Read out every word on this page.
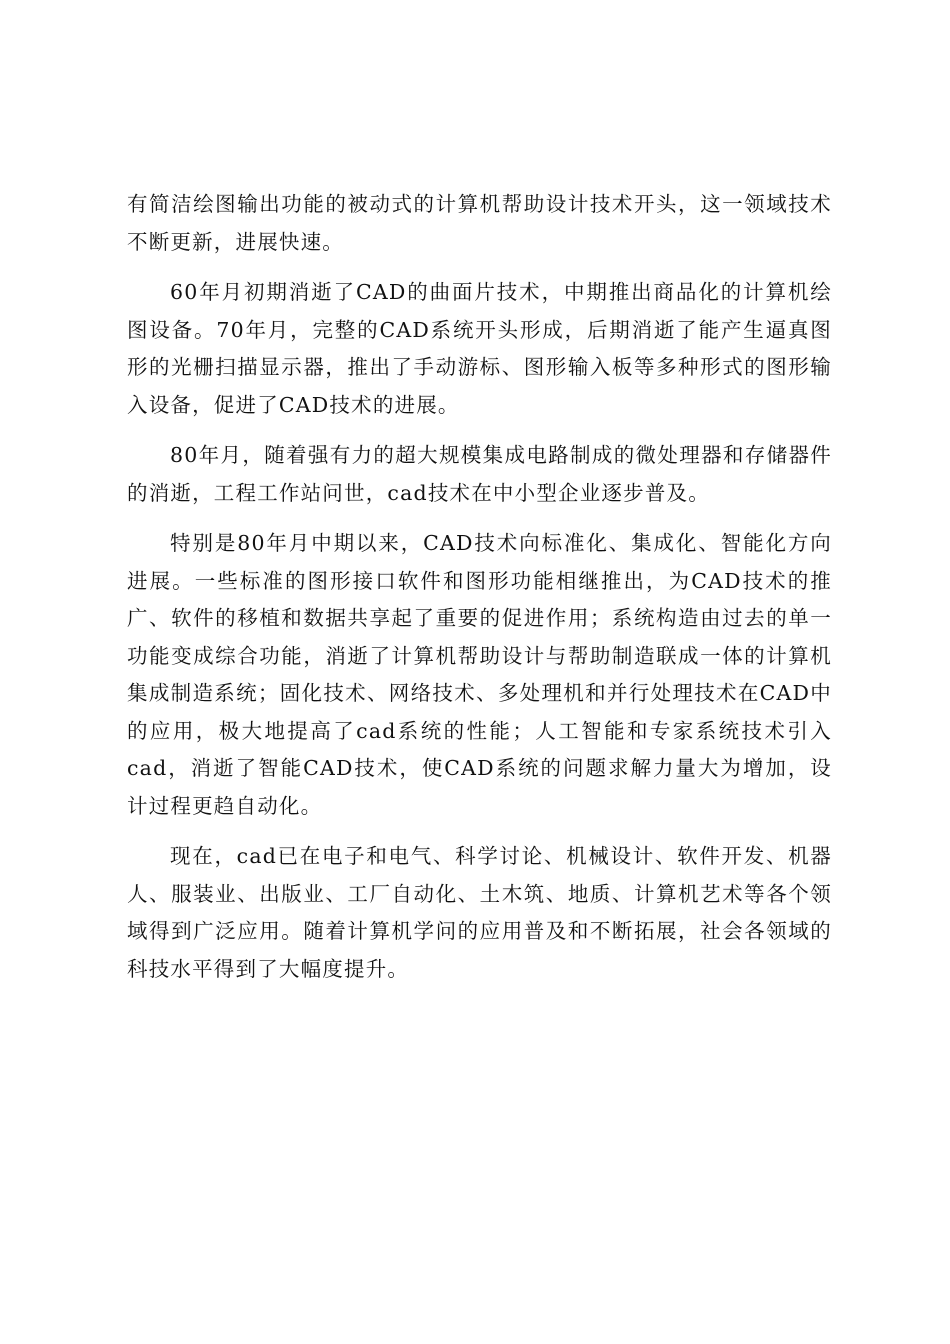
有简洁绘图输出功能的被动式的计算机帮助设计技术开头，这一领域技术不断更新，进展快速。

60年月初期消逝了CAD的曲面片技术，中期推出商品化的计算机绘图设备。70年月，完整的CAD系统开头形成，后期消逝了能产生逼真图形的光栅扫描显示器，推出了手动游标、图形输入板等多种形式的图形输入设备，促进了CAD技术的进展。

80年月，随着强有力的超大规模集成电路制成的微处理器和存储器件的消逝，工程工作站问世，cad技术在中小型企业逐步普及。

特别是80年月中期以来，CAD技术向标准化、集成化、智能化方向进展。一些标准的图形接口软件和图形功能相继推出，为CAD技术的推广、软件的移植和数据共享起了重要的促进作用；系统构造由过去的单一功能变成综合功能，消逝了计算机帮助设计与帮助制造联成一体的计算机集成制造系统；固化技术、网络技术、多处理机和并行处理技术在CAD中的应用，极大地提高了cad系统的性能；人工智能和专家系统技术引入cad，消逝了智能CAD技术，使CAD系统的问题求解力量大为增加，设计过程更趋自动化。

现在，cad已在电子和电气、科学讨论、机械设计、软件开发、机器人、服装业、出版业、工厂自动化、土木筑、地质、计算机艺术等各个领域得到广泛应用。随着计算机学问的应用普及和不断拓展，社会各领域的科技水平得到了大幅度提升。
